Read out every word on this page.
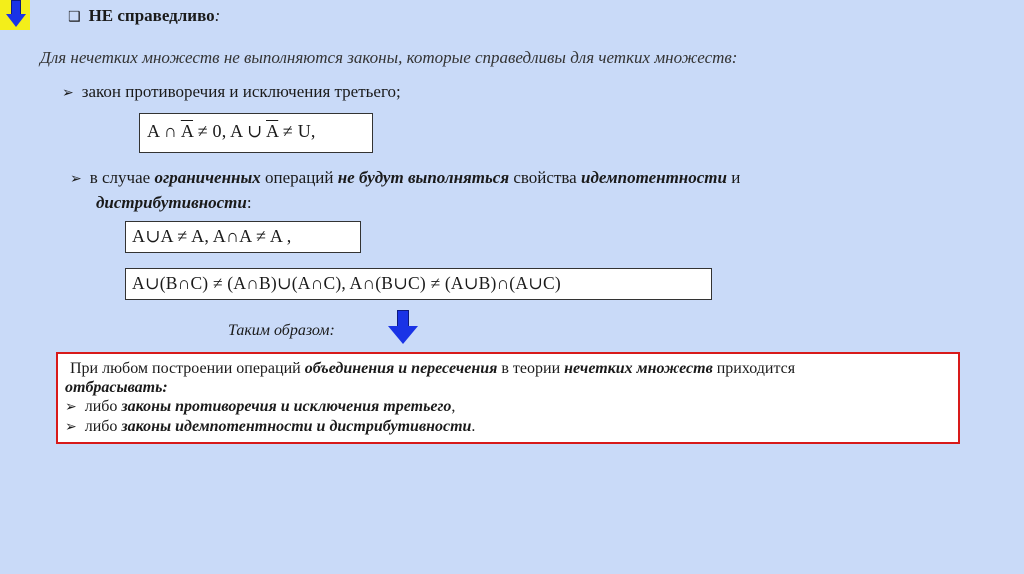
❑ НЕ справедливо:
Для нечетких множеств не выполняются законы, которые справедливы для четких множеств:
➢ закон противоречия и исключения третьего;
A ∩ $\overline{A} \ne 0$, A ∪ $\overline{A} \ne U$,
➢ в случае ограниченных операций не будут выполняться свойства идемпотентности и
дистрибутивности:
A∪A ≠ A, A∩A ≠ A ,
A∪(B∩C) ≠ (A∩B)∪(A∩C), A∩(B∪C) ≠ (A∪B)∩(A∪C)
Таким образом:
При любом построении операций объединения и пересечения в теории нечетких множеств приходится
отбрасывать:
➢ либо законы противоречия и исключения третьего,
➢ либо законы идемпотентности и дистрибутивности.
